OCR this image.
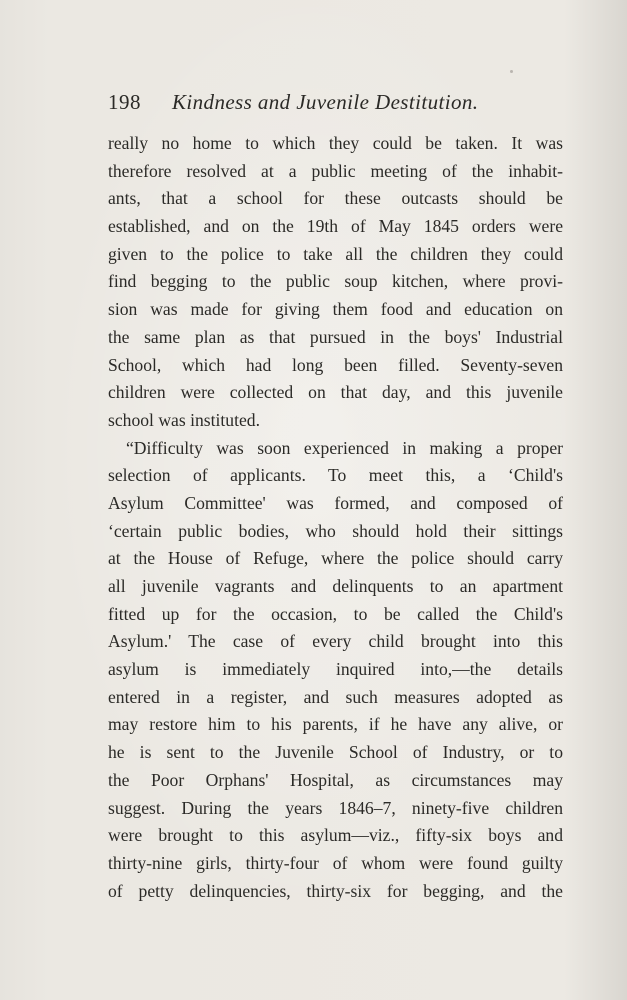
198 Kindness and Juvenile Destitution.
really no home to which they could be taken. It was
therefore resolved at a public meeting of the inhabit-
ants, that a school for these outcasts should be
established, and on the 19th of May 1845 orders were
given to the police to take all the children they could
find begging to the public soup kitchen, where provi-
sion was made for giving them food and education on
the same plan as that pursued in the boys' Industrial
School, which had long been filled. Seventy-seven
children were collected on that day, and this juvenile
school was instituted.
“Difficulty was soon experienced in making a proper
selection of applicants. To meet this, a ‘Child's
Asylum Committee' was formed, and composed of
‘certain public bodies, who should hold their sittings
at the House of Refuge, where the police should carry
all juvenile vagrants and delinquents to an apartment
fitted up for the occasion, to be called the Child's
Asylum.' The case of every child brought into this
asylum is immediately inquired into,—the details
entered in a register, and such measures adopted as
may restore him to his parents, if he have any alive, or
he is sent to the Juvenile School of Industry, or to
the Poor Orphans' Hospital, as circumstances may
suggest. During the years 1846–7, ninety-five children
were brought to this asylum—viz., fifty-six boys and
thirty-nine girls, thirty-four of whom were found guilty
of petty delinquencies, thirty-six for begging, and the
